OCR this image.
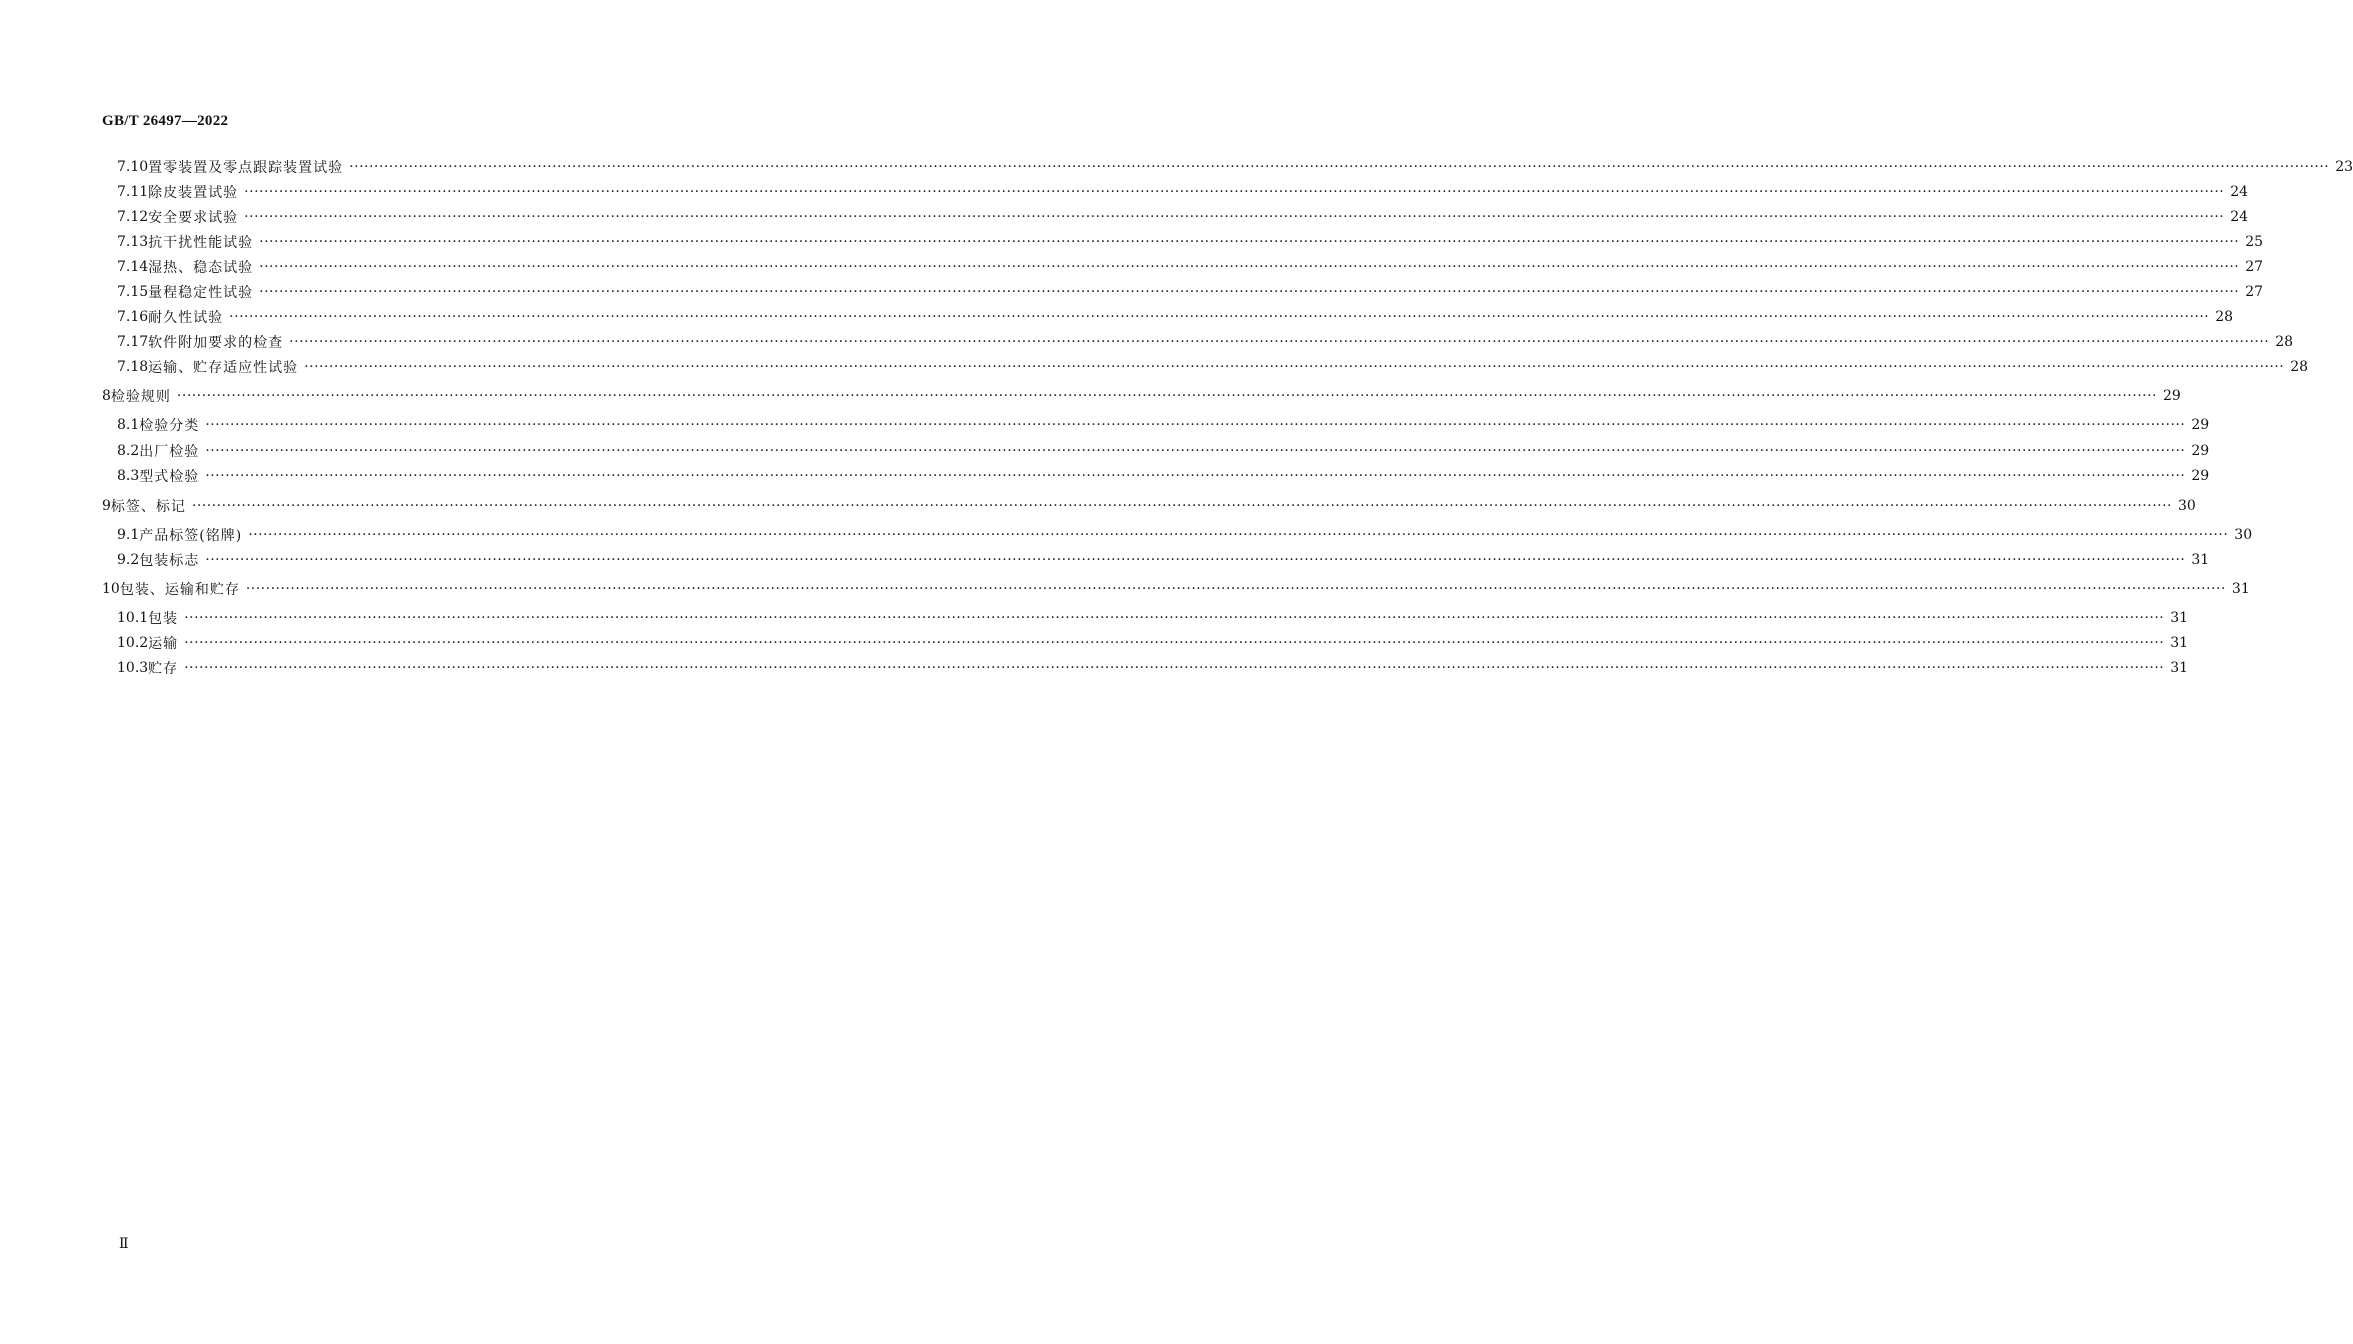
GB/T 26497—2022
7.10 置零装置及零点跟踪装置试验 ················································································································································································································································································································································································································ 23
7.11 除皮装置试验 ················································································································································································································································································································································································································ 24
7.12 安全要求试验 ················································································································································································································································································································································································································ 24
7.13 抗干扰性能试验 ················································································································································································································································································································································································································ 25
7.14 湿热、稳态试验 ················································································································································································································································································································································································································ 27
7.15 量程稳定性试验 ················································································································································································································································································································································································································ 27
7.16 耐久性试验 ················································································································································································································································································································································································································ 28
7.17 软件附加要求的检查 ················································································································································································································································································································································································································ 28
7.18 运输、贮存适应性试验 ················································································································································································································································································································································································································ 28
8 检验规则 ················································································································································································································································································································································································································ 29
8.1 检验分类 ················································································································································································································································································································································································································ 29
8.2 出厂检验 ················································································································································································································································································································································································································ 29
8.3 型式检验 ················································································································································································································································································································································································································ 29
9 标签、标记 ················································································································································································································································································································································································································ 30
9.1 产品标签(铭牌) ················································································································································································································································································································································································································ 30
9.2 包装标志 ················································································································································································································································································································································································································ 31
10 包装、运输和贮存 ················································································································································································································································································································································································································ 31
10.1 包装 ················································································································································································································································································································································································································ 31
10.2 运输 ················································································································································································································································································································································································································ 31
10.3 贮存 ················································································································································································································································································································································································································ 31
Ⅱ
